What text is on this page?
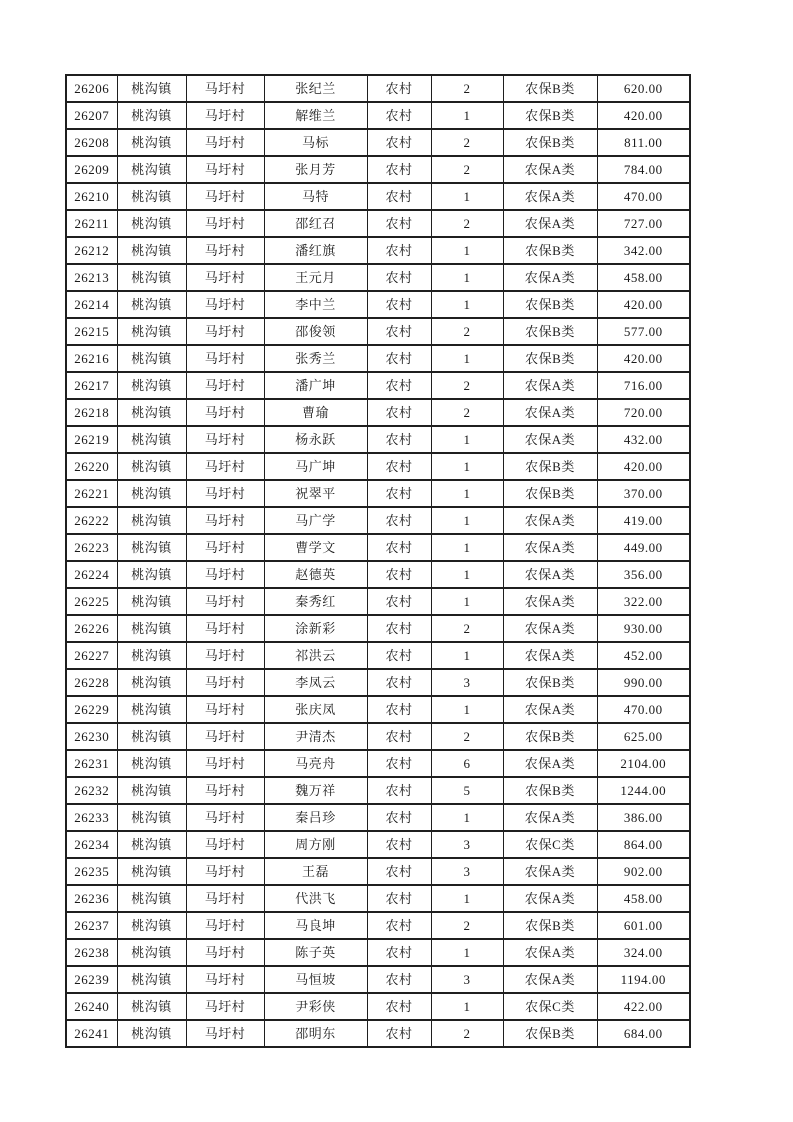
26206	桃沟镇	马圩村	张纪兰	农村	2	农保B类	620.00
26207	桃沟镇	马圩村	解维兰	农村	1	农保B类	420.00
26208	桃沟镇	马圩村	马标	农村	2	农保B类	811.00
26209	桃沟镇	马圩村	张月芳	农村	2	农保A类	784.00
26210	桃沟镇	马圩村	马特	农村	1	农保A类	470.00
26211	桃沟镇	马圩村	邵红召	农村	2	农保A类	727.00
26212	桃沟镇	马圩村	潘红旗	农村	1	农保B类	342.00
26213	桃沟镇	马圩村	王元月	农村	1	农保A类	458.00
26214	桃沟镇	马圩村	李中兰	农村	1	农保B类	420.00
26215	桃沟镇	马圩村	邵俊领	农村	2	农保B类	577.00
26216	桃沟镇	马圩村	张秀兰	农村	1	农保B类	420.00
26217	桃沟镇	马圩村	潘广坤	农村	2	农保A类	716.00
26218	桃沟镇	马圩村	曹瑜	农村	2	农保A类	720.00
26219	桃沟镇	马圩村	杨永跃	农村	1	农保A类	432.00
26220	桃沟镇	马圩村	马广坤	农村	1	农保B类	420.00
26221	桃沟镇	马圩村	祝翠平	农村	1	农保B类	370.00
26222	桃沟镇	马圩村	马广学	农村	1	农保A类	419.00
26223	桃沟镇	马圩村	曹学文	农村	1	农保A类	449.00
26224	桃沟镇	马圩村	赵德英	农村	1	农保A类	356.00
26225	桃沟镇	马圩村	秦秀红	农村	1	农保A类	322.00
26226	桃沟镇	马圩村	涂新彩	农村	2	农保A类	930.00
26227	桃沟镇	马圩村	祁洪云	农村	1	农保A类	452.00
26228	桃沟镇	马圩村	李凤云	农村	3	农保B类	990.00
26229	桃沟镇	马圩村	张庆凤	农村	1	农保A类	470.00
26230	桃沟镇	马圩村	尹清杰	农村	2	农保B类	625.00
26231	桃沟镇	马圩村	马亮舟	农村	6	农保A类	2104.00
26232	桃沟镇	马圩村	魏万祥	农村	5	农保B类	1244.00
26233	桃沟镇	马圩村	秦吕珍	农村	1	农保A类	386.00
26234	桃沟镇	马圩村	周方刚	农村	3	农保C类	864.00
26235	桃沟镇	马圩村	王磊	农村	3	农保A类	902.00
26236	桃沟镇	马圩村	代洪飞	农村	1	农保A类	458.00
26237	桃沟镇	马圩村	马良坤	农村	2	农保B类	601.00
26238	桃沟镇	马圩村	陈子英	农村	1	农保A类	324.00
26239	桃沟镇	马圩村	马恒坡	农村	3	农保A类	1194.00
26240	桃沟镇	马圩村	尹彩侠	农村	1	农保C类	422.00
26241	桃沟镇	马圩村	邵明东	农村	2	农保B类	684.00
